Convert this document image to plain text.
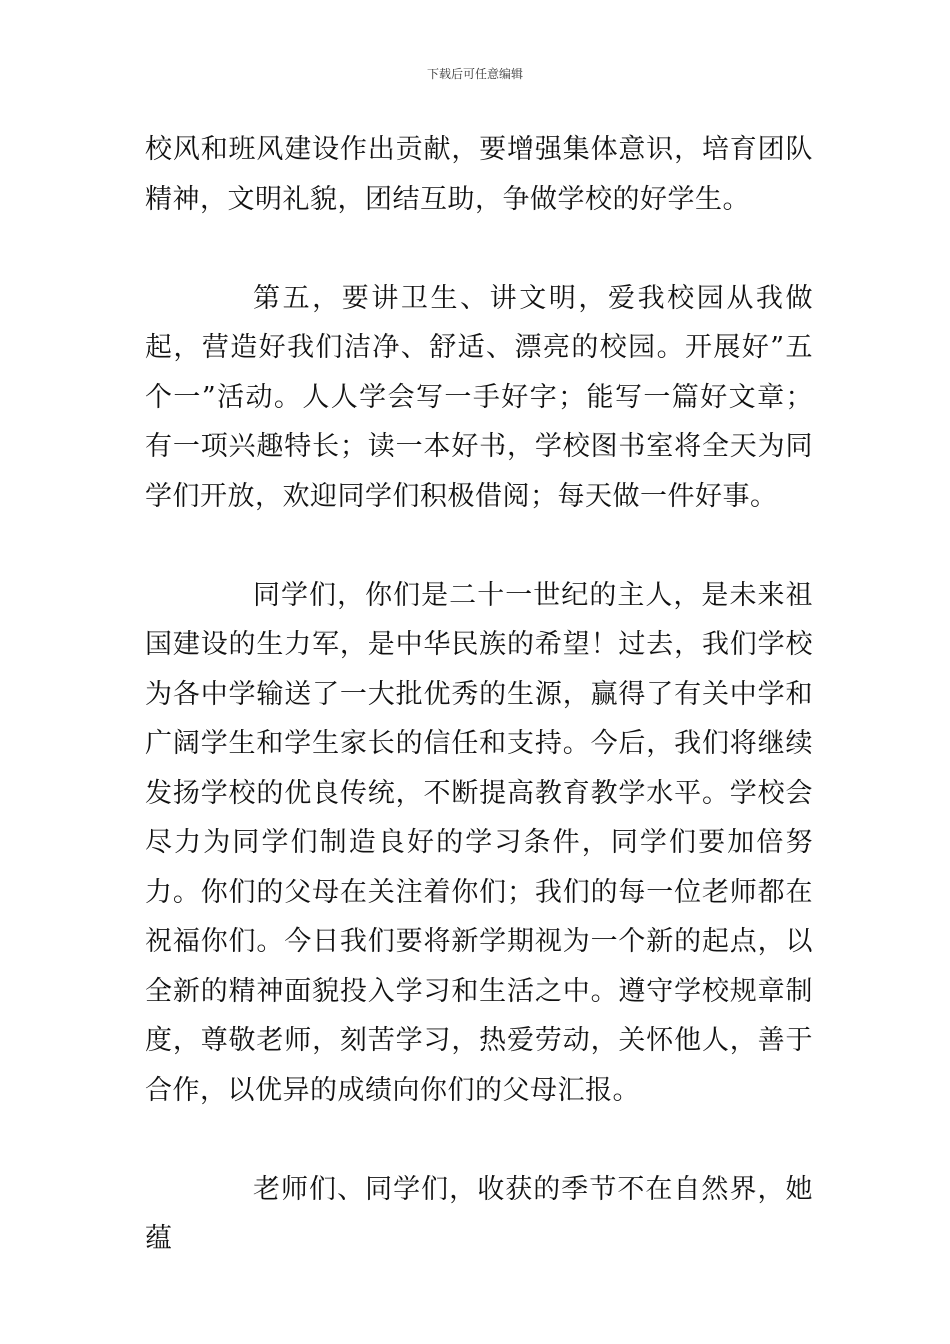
下载后可任意编辑

校风和班风建设作出贡献，要增强集体意识，培育团队精神，文明礼貌，团结互助，争做学校的好学生。

第五，要讲卫生、讲文明，爱我校园从我做起，营造好我们洁净、舒适、漂亮的校园。开展好”五个一”活动。人人学会写一手好字；能写一篇好文章；有一项兴趣特长；读一本好书，学校图书室将全天为同学们开放，欢迎同学们积极借阅；每天做一件好事。

同学们，你们是二十一世纪的主人，是未来祖国建设的生力军，是中华民族的希望！过去，我们学校为各中学输送了一大批优秀的生源，赢得了有关中学和广阔学生和学生家长的信任和支持。今后，我们将继续发扬学校的优良传统，不断提高教育教学水平。学校会尽力为同学们制造良好的学习条件，同学们要加倍努力。你们的父母在关注着你们；我们的每一位老师都在祝福你们。今日我们要将新学期视为一个新的起点，以全新的精神面貌投入学习和生活之中。遵守学校规章制度，尊敬老师，刻苦学习，热爱劳动，关怀他人，善于合作，以优异的成绩向你们的父母汇报。

老师们、同学们，收获的季节不在自然界，她蕴
